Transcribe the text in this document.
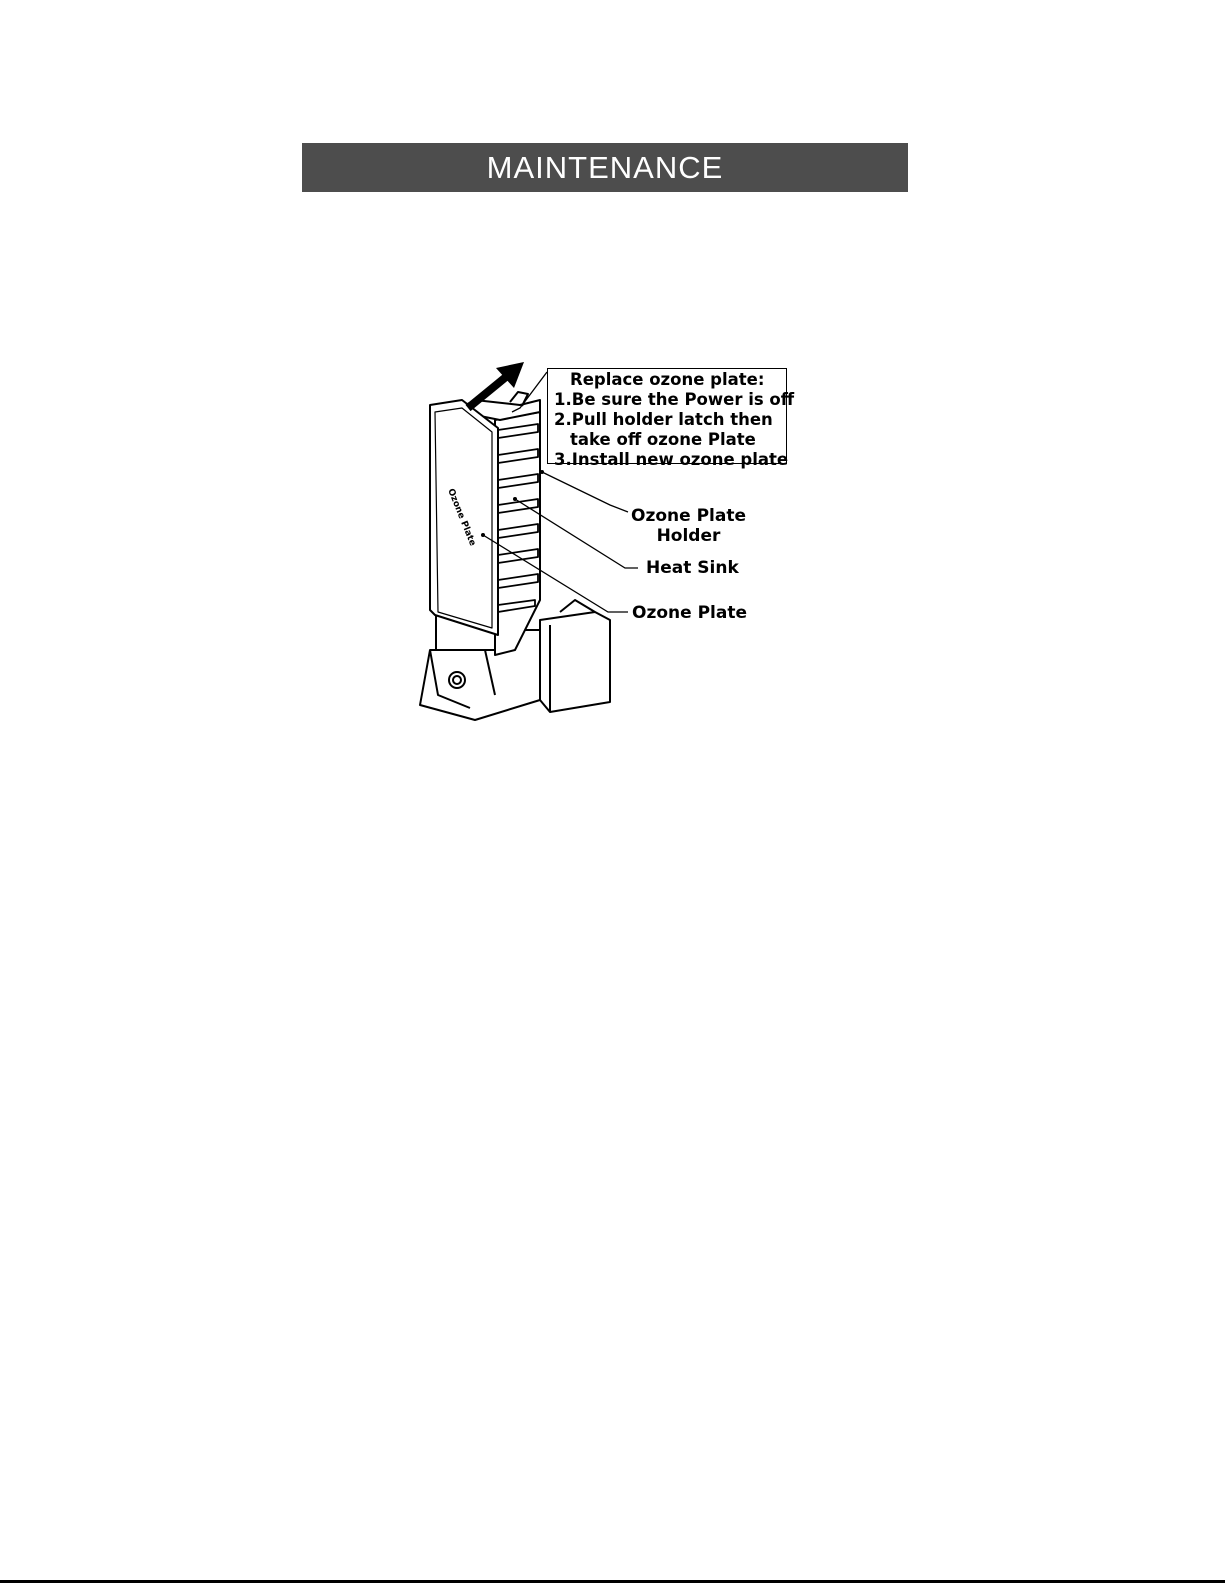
MAINTENANCE
Ozone Plate
Replace ozone plate:
1.Be sure the Power is off
2.Pull holder latch then
take off ozone Plate
3.Install new ozone plate
Ozone Plate
Holder
Heat Sink
Ozone Plate
